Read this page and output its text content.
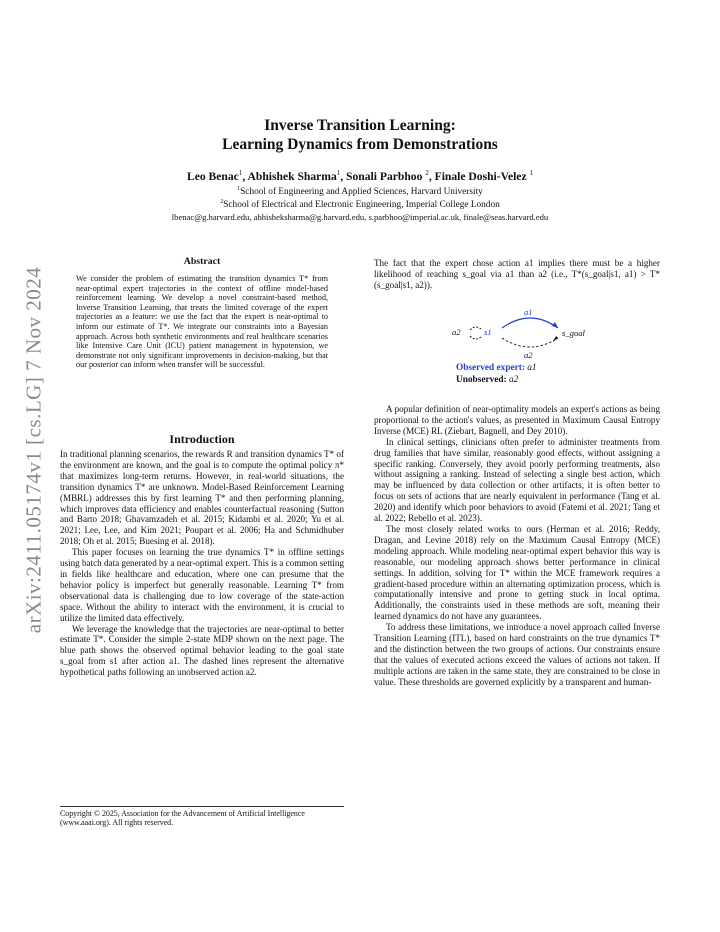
arXiv:2411.05174v1 [cs.LG] 7 Nov 2024
Inverse Transition Learning:
Learning Dynamics from Demonstrations
Leo Benac$^1$, Abhishek Sharma$^1$, Sonali Parbhoo $^2$, Finale Doshi-Velez $^1$
$^1$School of Engineering and Applied Sciences, Harvard University
$^2$School of Electrical and Electronic Engineering, Imperial College London
lbenac@g.harvard.edu, abhisheksharma@g.harvard.edu, s.parbhoo@imperial.ac.uk, finale@seas.harvard.edu
Abstract
We consider the problem of estimating the transition dynamics T* from near-optimal expert trajectories in the context of offline model-based reinforcement learning. We develop a novel constraint-based method, Inverse Transition Learning, that treats the limited coverage of the expert trajectories as a feature: we use the fact that the expert is near-optimal to inform our estimate of T*. We integrate our constraints into a Bayesian approach. Across both synthetic environments and real healthcare scenarios like Intensive Care Unit (ICU) patient management in hypotension, we demonstrate not only significant improvements in decision-making, but that our posterior can inform when transfer will be successful.
Introduction

In traditional planning scenarios, the rewards R and transition dynamics T* of the environment are known, and the goal is to compute the optimal policy π* that maximizes long-term returns. However, in real-world situations, the transition dynamics T* are unknown. Model-Based Reinforcement Learning (MBRL) addresses this by first learning T* and then performing planning, which improves data efficiency and enables counterfactual reasoning (Sutton and Barto 2018; Ghavamzadeh et al. 2015; Kidambi et al. 2020; Yu et al. 2021; Lee, Lee, and Kim 2021; Poupart et al. 2006; Ha and Schmidhuber 2018; Oh et al. 2015; Buesing et al. 2018).

This paper focuses on learning the true dynamics T* in offline settings using batch data generated by a near-optimal expert. This is a common setting in fields like healthcare and education, where one can presume that the behavior policy is imperfect but generally reasonable. Learning T* from observational data is challenging due to low coverage of the state-action space. Without the ability to interact with the environment, it is crucial to utilize the limited data effectively.

We leverage the knowledge that the trajectories are near-optimal to better estimate T*. Consider the simple 2-state MDP shown on the next page. The blue path shows the observed optimal behavior leading to the goal state s_goal from s1 after action a1. The dashed lines represent the alternative hypothetical paths following an unobserved action a2.

Copyright © 2025, Association for the Advancement of Artificial Intelligence (www.aaai.org). All rights reserved.

The fact that the expert chose action a1 implies there must be a higher likelihood of reaching s_goal via a1 than a2 (i.e., T*(s_goal|s1, a1) > T*(s_goal|s1, a2)).

a2	s1
a1
s_goal
a2
Observed expert: a1
Unobserved: a2

A popular definition of near-optimality models an expert's actions as being proportional to the action's values, as presented in Maximum Causal Entropy Inverse (MCE) RL (Ziebart, Bagnell, and Dey 2010).

In clinical settings, clinicians often prefer to administer treatments from drug families that have similar, reasonably good effects, without assigning a specific ranking. Conversely, they avoid poorly performing treatments, also without assigning a ranking. Instead of selecting a single best action, which may be influenced by data collection or other artifacts, it is often better to focus on sets of actions that are nearly equivalent in performance (Tang et al. 2020) and identify which poor behaviors to avoid (Fatemi et al. 2021; Tang et al. 2022; Rebello et al. 2023).

The most closely related works to ours (Herman et al. 2016; Reddy, Dragan, and Levine 2018) rely on the Maximum Causal Entropy (MCE) modeling approach. While modeling near-optimal expert behavior this way is reasonable, our modeling approach shows better performance in clinical settings. In addition, solving for T* within the MCE framework requires a gradient-based procedure within an alternating optimization process, which is computationally intensive and prone to getting stuck in local optima. Additionally, the constraints used in these methods are soft, meaning their learned dynamics do not have any guarantees.

To address these limitations, we introduce a novel approach called Inverse Transition Learning (ITL), based on hard constraints on the true dynamics T* and the distinction between the two groups of actions. Our constraints ensure that the values of executed actions exceed the values of actions not taken. If multiple actions are taken in the same state, they are constrained to be close in value. These thresholds are governed explicitly by a transparent and human-
